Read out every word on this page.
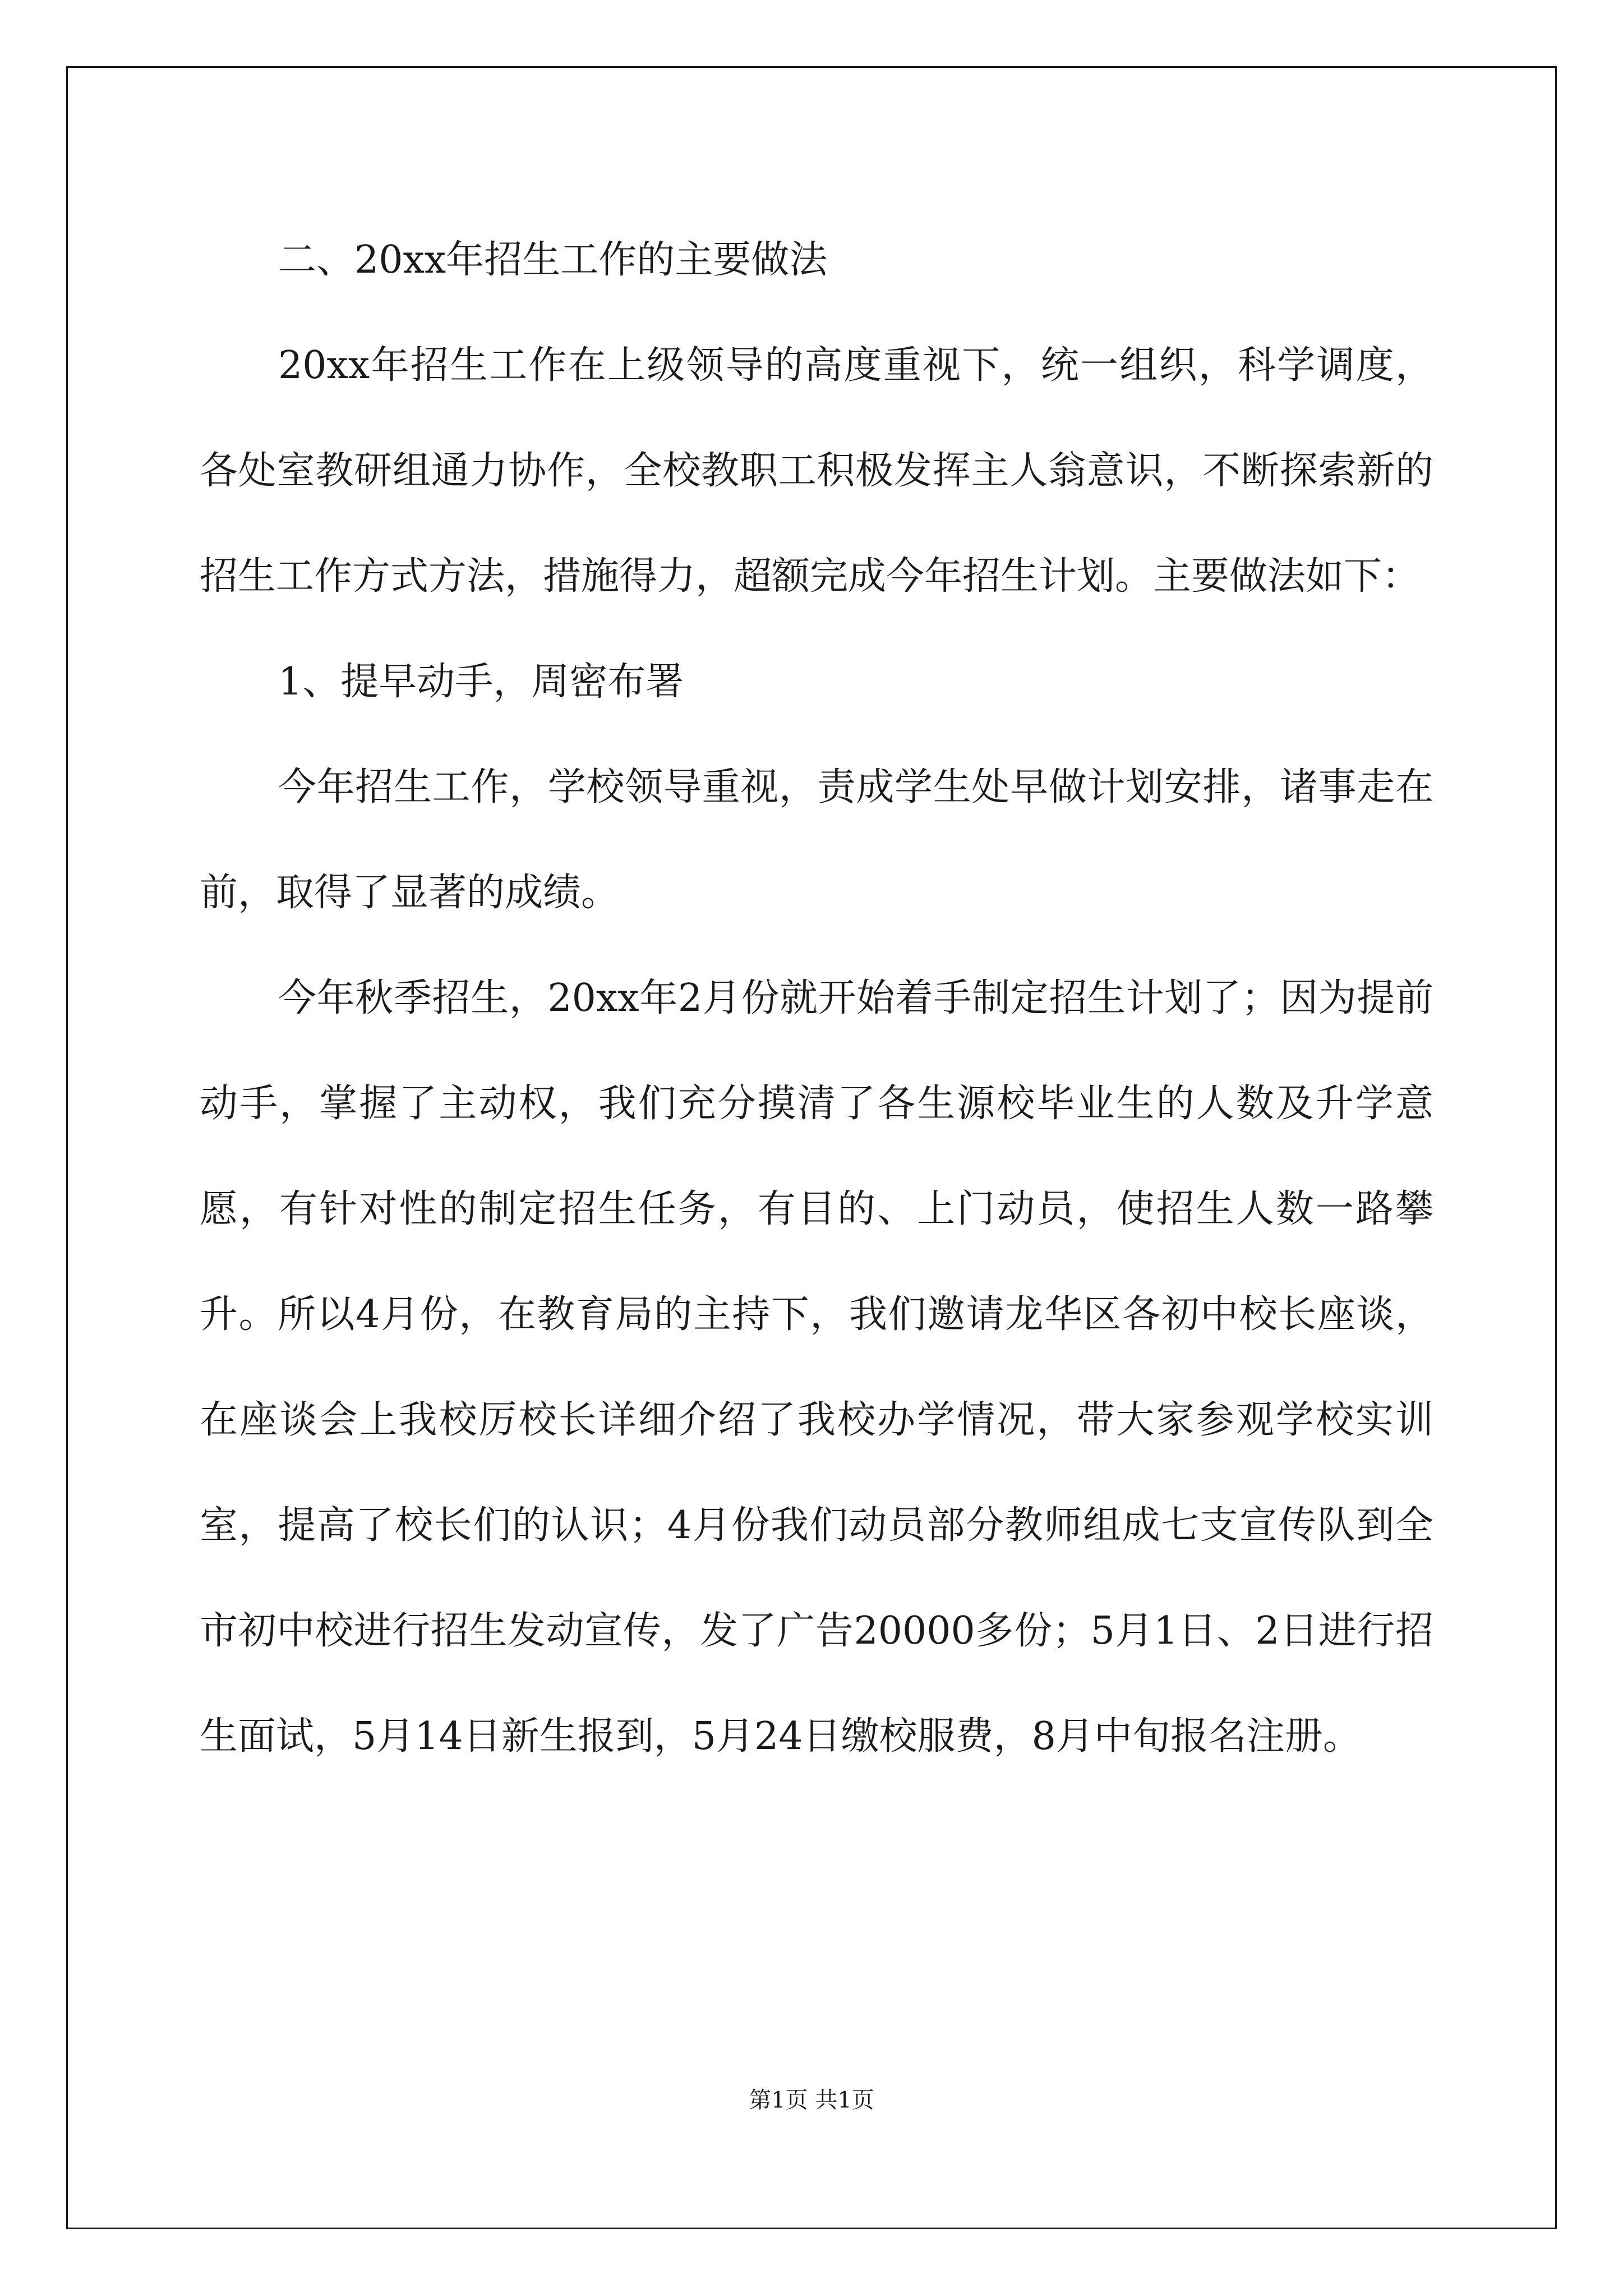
二、20xx年招生工作的主要做法

20xx年招生工作在上级领导的高度重视下，统一组织，科学调度，各处室教研组通力协作，全校教职工积极发挥主人翁意识，不断探索新的招生工作方式方法，措施得力，超额完成今年招生计划。主要做法如下：

1、提早动手，周密布署

今年招生工作，学校领导重视，责成学生处早做计划安排，诸事走在前，取得了显著的成绩。

今年秋季招生，20xx年2月份就开始着手制定招生计划了；因为提前动手，掌握了主动权，我们充分摸清了各生源校毕业生的人数及升学意愿，有针对性的制定招生任务，有目的、上门动员，使招生人数一路攀升。所以4月份，在教育局的主持下，我们邀请龙华区各初中校长座谈，在座谈会上我校厉校长详细介绍了我校办学情况，带大家参观学校实训室，提高了校长们的认识；4月份我们动员部分教师组成七支宣传队到全市初中校进行招生发动宣传，发了广告20000多份；5月1日、2日进行招生面试，5月14日新生报到，5月24日缴校服费，8月中旬报名注册。

第1页 共1页
